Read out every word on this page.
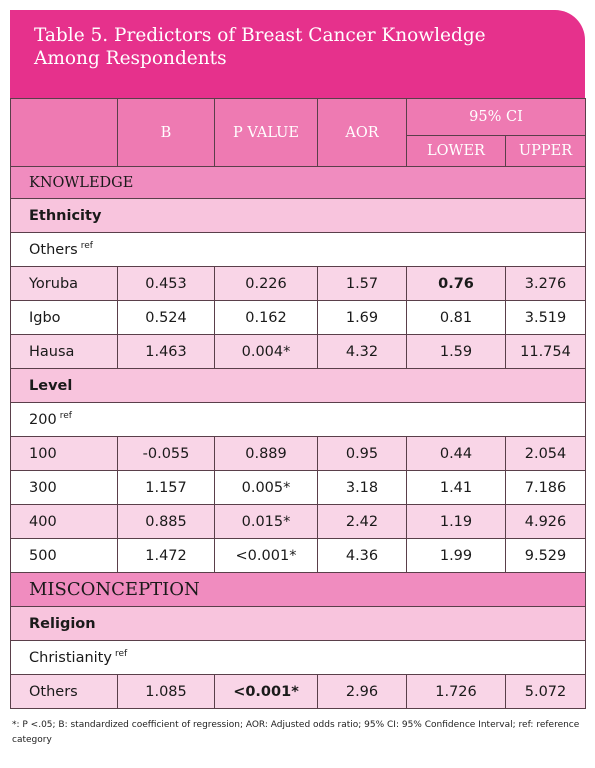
Table 5. Predictors of Breast Cancer Knowledge
Among Respondents
	B	P VALUE	AOR	95% CI	
				LOWER	UPPER
KNOWLEDGE					
Ethnicity					
Others $^{ref}$
Yoruba	0.453	0.226	1.57	0.76	3.276
Igbo	0.524	0.162	1.69	0.81	3.519
Hausa	1.463	0.004*	4.32	1.59	11.754
Level					
200 $^{ref}$
100	-0.055	0.889	0.95	0.44	2.054
300	1.157	0.005*	3.18	1.41	7.186
400	0.885	0.015*	2.42	1.19	4.926
500	1.472	<0.001*	4.36	1.99	9.529
MISCONCEPTION					
Religion					
Christianity $^{ref}$
Others	1.085	<0.001*	2.96	1.726	5.072
*: P <.05; B: standardized coefficient of regression; AOR: Adjusted odds ratio; 95% CI: 95% Confidence Interval; ref: reference category
